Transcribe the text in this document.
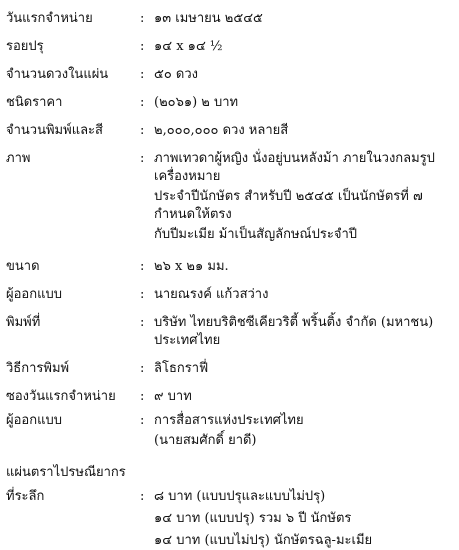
วันแรกจำหน่าย	: ๑๓ เมษายน ๒๕๔๕
รอยปรุ	: ๑๔ x ๑๔ ½
จำนวนดวงในแผ่น	: ๕๐ ดวง
ชนิดราคา	: (๒๐๖๑) ๒ บาท
จำนวนพิมพ์และสี	: ๒,๐๐๐,๐๐๐ ดวง หลายสี
ภาพ	: ภาพเทวดาผู้หญิง นั่งอยู่บนหลังม้า ภายในวงกลมรูปเครื่องหมาย
ประจำปีนักษัตร สำหรับปี ๒๕๔๕ เป็นนักษัตรที่ ๗ กำหนดให้ตรง
กับปีมะเมีย ม้าเป็นสัญลักษณ์ประจำปี
ขนาด	: ๒๖ x ๒๑ มม.
ผู้ออกแบบ	: นายณรงค์ แก้วสว่าง
พิมพ์ที่	: บริษัท ไทยบริติชซีเคียวริตี้ พริ้นติ้ง จำกัด (มหาชน) ประเทศไทย
วิธีการพิมพ์	: ลิโธกราฟี่
ซองวันแรกจำหน่าย	: ๙ บาท
ผู้ออกแบบ	: การสื่อสารแห่งประเทศไทย
(นายสมศักดิ์ ยาดี)
แผ่นตราไปรษณียากร
ที่ระลึก	: ๘ บาท (แบบปรุและแบบไม่ปรุ)
๑๔ บาท (แบบปรุ) รวม ๖ ปี นักษัตร
๑๔ บาท (แบบไม่ปรุ) นักษัตรฉลู-มะเมีย
